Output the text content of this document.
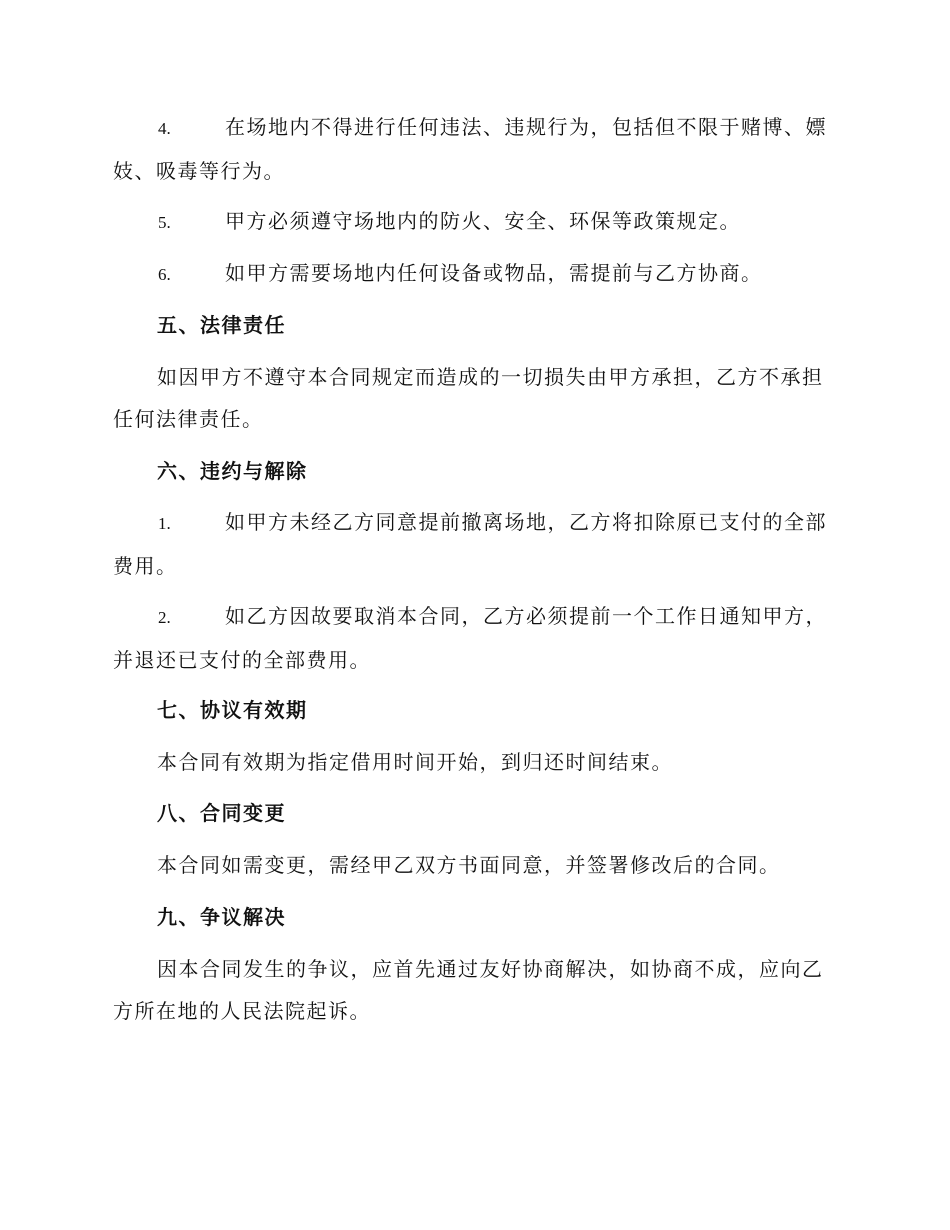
4.	在场地内不得进行任何违法、违规行为，包括但不限于赌博、嫖妓、吸毒等行为。
5.	甲方必须遵守场地内的防火、安全、环保等政策规定。
6.	如甲方需要场地内任何设备或物品，需提前与乙方协商。
五、法律责任
如因甲方不遵守本合同规定而造成的一切损失由甲方承担，乙方不承担任何法律责任。
六、违约与解除
1.	如甲方未经乙方同意提前撤离场地，乙方将扣除原已支付的全部费用。
2.	如乙方因故要取消本合同，乙方必须提前一个工作日通知甲方，并退还已支付的全部费用。
七、协议有效期
本合同有效期为指定借用时间开始，到归还时间结束。
八、合同变更
本合同如需变更，需经甲乙双方书面同意，并签署修改后的合同。
九、争议解决
因本合同发生的争议，应首先通过友好协商解决，如协商不成，应向乙方所在地的人民法院起诉。
